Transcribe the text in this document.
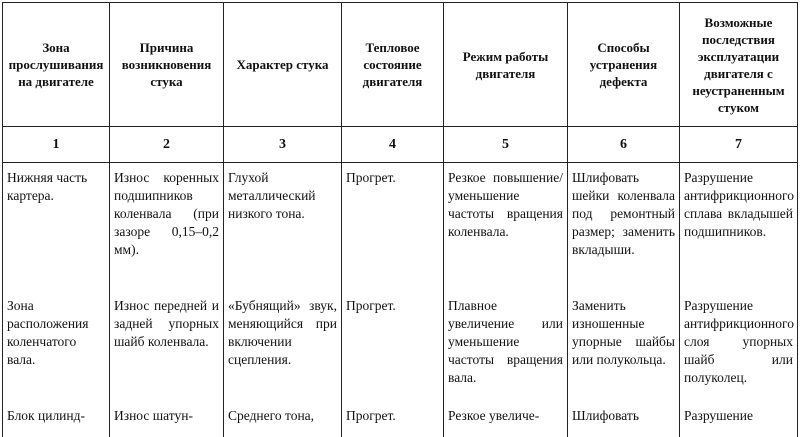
Зона прослушивания на двигателе	Причина возникновения стука	Характер стука	Тепловое состояние двигателя	Режим работы двигателя	Способы устранения дефекта	Возможные последствия эксплуатации двигателя с неустраненным стуком
1	2	3	4	5	6	7
Нижняя часть картера.	Износ коренных подшипников коленвала (при зазоре 0,15–0,2 мм).	Глухой металлический низкого тона.	Прогрет.	Резкое повышение/уменьшение частоты вращения коленвала.	Шлифовать шейки коленвала под ремонтный размер; заменить вкладыши.	Разрушение антифрикционного сплава вкладышей подшипников.
Зона расположения коленчатого вала.	Износ передней и задней упорных шайб коленвала.	«Бубнящий» звук, меняющийся при включении сцепления.	Прогрет.	Плавное увеличение или уменьшение частоты вращения вала.	Заменить изношенные упорные шайбы или полукольца.	Разрушение антифрикционного слоя упорных шайб или полуколец.
Блок цилинд-	Износ шатун-	Среднего тона,	Прогрет.	Резкое увеличе-	Шлифовать	Разрушение
